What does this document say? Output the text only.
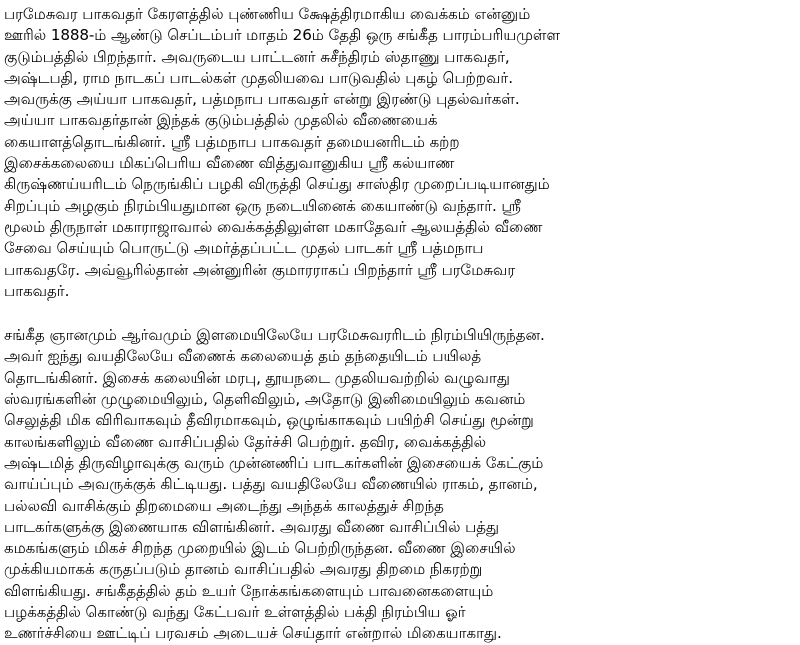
பரமேசுவர பாகவதர் கேரளத்தில் புண்ணிய க்ஷேத்திரமாகிய வைக்கம் என்னும்
ஊரில் 1888-ம் ஆண்டு செப்டம்பர் மாதம் 26ம் தேதி ஒரு சங்கீத பாரம்பரியமுள்ள
குடும்பத்தில் பிறந்தார். அவருடைய பாட்டனர் சுசீந்திரம் ஸ்தாணு பாகவதர்,
அஷ்டபதி, ராம நாடகப் பாடல்கள் முதலியவை பாடுவதில் புகழ் பெற்றவர்.
அவருக்கு அய்யா பாகவதர், பத்மநாப பாகவதர் என்று இரண்டு புதல்வர்கள்.
அய்யா பாகவதர்தான் இந்தக் குடும்பத்தில் முதலில் வீணையைக்
கையாளத்தொடங்கினர். ஸ்ரீ பத்மநாப பாகவதர் தமையனரிடம் கற்ற
இசைக்கலையை மிகப்பெரிய வீணை வித்துவானுகிய ஸ்ரீ கல்யாண
கிருஷ்ணய்யரிடம் நெருங்கிப் பழகி விருத்தி செய்து சாஸ்திர முறைப்படியானதும்
சிறப்பும் அழகும் நிரம்பியதுமான ஒரு நடையினைக் கையாண்டு வந்தார். ஸ்ரீ
மூலம் திருநாள் மகாராஜாவால் வைக்கத்திலுள்ள மகாதேவர் ஆலயத்தில் வீணை
சேவை செய்யும் பொருட்டு அமர்த்தப்பட்ட முதல் பாடகர் ஸ்ரீ பத்மநாப
பாகவதரே. அவ்வூரில்தான் அன்னுரின் குமாரராகப் பிறந்தார் ஸ்ரீ பரமேசுவர
பாகவதர்.
சங்கீத ஞானமும் ஆர்வமும் இளமையிலேயே பரமேசுவரரிடம் நிரம்பியிருந்தன.
அவர் ஐந்து வயதிலேயே வீணைக் கலையைத் தம் தந்தையிடம் பயிலத்
தொடங்கினர். இசைக் கலையின் மரபு, தூயநடை முதலியவற்றில் வழுவாது
ஸ்வரங்களின் முழுமையிலும், தெளிவிலும், அதோடு இனிமையிலும் கவனம்
செலுத்தி மிக விரிவாகவும் தீவிரமாகவும், ஒழுங்காகவும் பயிற்சி செய்து மூன்று
காலங்களிலும் வீணை வாசிப்பதில் தேர்ச்சி பெற்றுர். தவிர, வைக்கத்தில்
அஷ்டமித் திருவிழாவுக்கு வரும் முன்னணிப் பாடகர்களின் இசையைக் கேட்கும்
வாய்ப்பும் அவருக்குக் கிட்டியது. பத்து வயதிலேயே வீணையில் ராகம், தானம்,
பல்லவி வாசிக்கும் திறமையை அடைந்து அந்தக் காலத்துச் சிறந்த
பாடகர்களுக்கு இணையாக விளங்கினர். அவரது வீணை வாசிப்பில் பத்து
கமகங்களும் மிகச் சிறந்த முறையில் இடம் பெற்றிருந்தன. வீணை இசையில்
முக்கியமாகக் கருதப்படும் தானம் வாசிப்பதில் அவரது திறமை நிகரற்று
விளங்கியது. சங்கீதத்தில் தம் உயர் நோக்கங்களையும் பாவனைகளையும்
பழக்கத்தில் கொண்டு வந்து கேட்பவர் உள்ளத்தில் பக்தி நிரம்பிய ஓர்
உணர்ச்சியை ஊட்டிப் பரவசம் அடையச் செய்தார் என்றால் மிகையாகாது.
